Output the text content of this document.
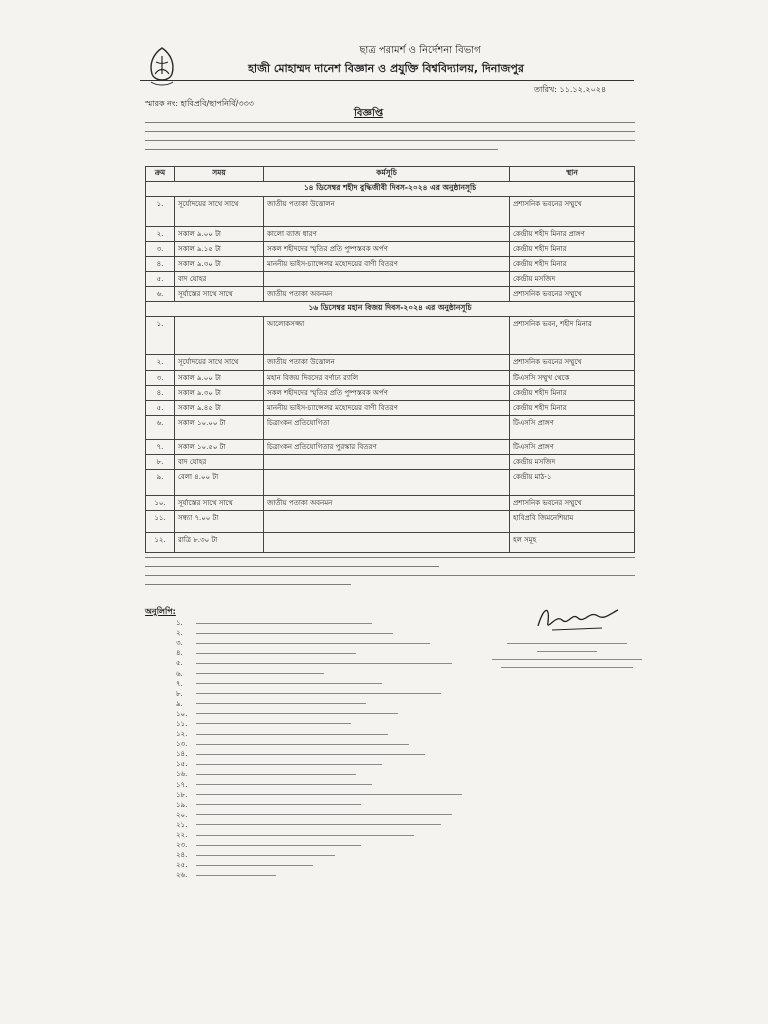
ছাত্র পরামর্শ ও নির্দেশনা বিভাগ
হাজী মোহাম্মদ দানেশ বিজ্ঞান ও প্রযুক্তি বিশ্ববিদ্যালয়, দিনাজপুর
তারিখ: ১১.১২.২০২৪
স্মারক নং: হাবিপ্রবি/ছাপনির্বি/৩৩৩
বিজ্ঞপ্তি
ক্রম	সময়	কর্মসূচি	স্থান
১৪ ডিসেম্বর শহীদ বুদ্ধিজীবী দিবস-২০২৪ এর অনুষ্ঠানসূচি			
১.	সূর্যোদয়ের সাথে সাথে	জাতীয় পতাকা উত্তোলন	প্রশাসনিক ভবনের সম্মুখে
২.	সকাল ৯.০০ টা	কালো ব্যাজ ধারণ	কেন্দ্রীয় শহীদ মিনার প্রাঙ্গণ
৩.	সকাল ৯.১৫ টা	সকল শহীদদের স্মৃতির প্রতি পুষ্পস্তবক অর্পণ	কেন্দ্রীয় শহীদ মিনার
৪.	সকাল ৯.৩০ টা	মাননীয় ভাইস-চ্যান্সেলর মহোদয়ের বাণী বিতরণ	কেন্দ্রীয় শহীদ মিনার
৫.	বাদ যোহর		কেন্দ্রীয় মসজিদ
৬.	সূর্যাস্তের সাথে সাথে	জাতীয় পতাকা অবনমন	প্রশাসনিক ভবনের সম্মুখে
১৬ ডিসেম্বর মহান বিজয় দিবস-২০২৪ এর অনুষ্ঠানসূচি			
১.		আলোকসজ্জা	প্রশাসনিক ভবন, শহীদ মিনার
২.	সূর্যোদয়ের সাথে সাথে	জাতীয় পতাকা উত্তোলন	প্রশাসনিক ভবনের সম্মুখে
৩.	সকাল ৯.০০ টা	মহান বিজয় দিবসের বর্ণাঢ্য র‍্যালি	টিএসসি সম্মুখ থেকে
৪.	সকাল ৯.৩০ টা	সকল শহীদদের স্মৃতির প্রতি পুষ্পস্তবক অর্পণ	কেন্দ্রীয় শহীদ মিনার
৫.	সকাল ৯.৪৫ টা	মাননীয় ভাইস-চ্যান্সেলর মহোদয়ের বাণী বিতরণ	কেন্দ্রীয় শহীদ মিনার
৬.	সকাল ১০.০০ টা	চিত্রাংকন প্রতিযোগিতা	টিএসসি প্রাঙ্গণ
৭.	সকাল ১০.৫০ টা	চিত্রাংকন প্রতিযোগিতার পুরস্কার বিতরণ	টিএসসি প্রাঙ্গণ
৮.	বাদ যোহর		কেন্দ্রীয় মসজিদ
৯.	বেলা ৪.০০ টা		কেন্দ্রীয় মাঠ-১
১০.	সূর্যাস্তের সাথে সাথে	জাতীয় পতাকা অবনমন	প্রশাসনিক ভবনের সম্মুখে
১১.	সন্ধ্যা ৭.০০ টা		হাবিপ্রবি জিমনেশিয়াম
১২.	রাত্রি ৮.৩০ টা		হল সমূহ
অনুলিপি:
১.
২.
৩.
৪.
৫.
৬.
৭.
৮.
৯.
১০.
১১.
১২.
১৩.
১৪.
১৫.
১৬.
১৭.
১৮.
১৯.
২০.
২১.
২২.
২৩.
২৪.
২৫.
২৬.
